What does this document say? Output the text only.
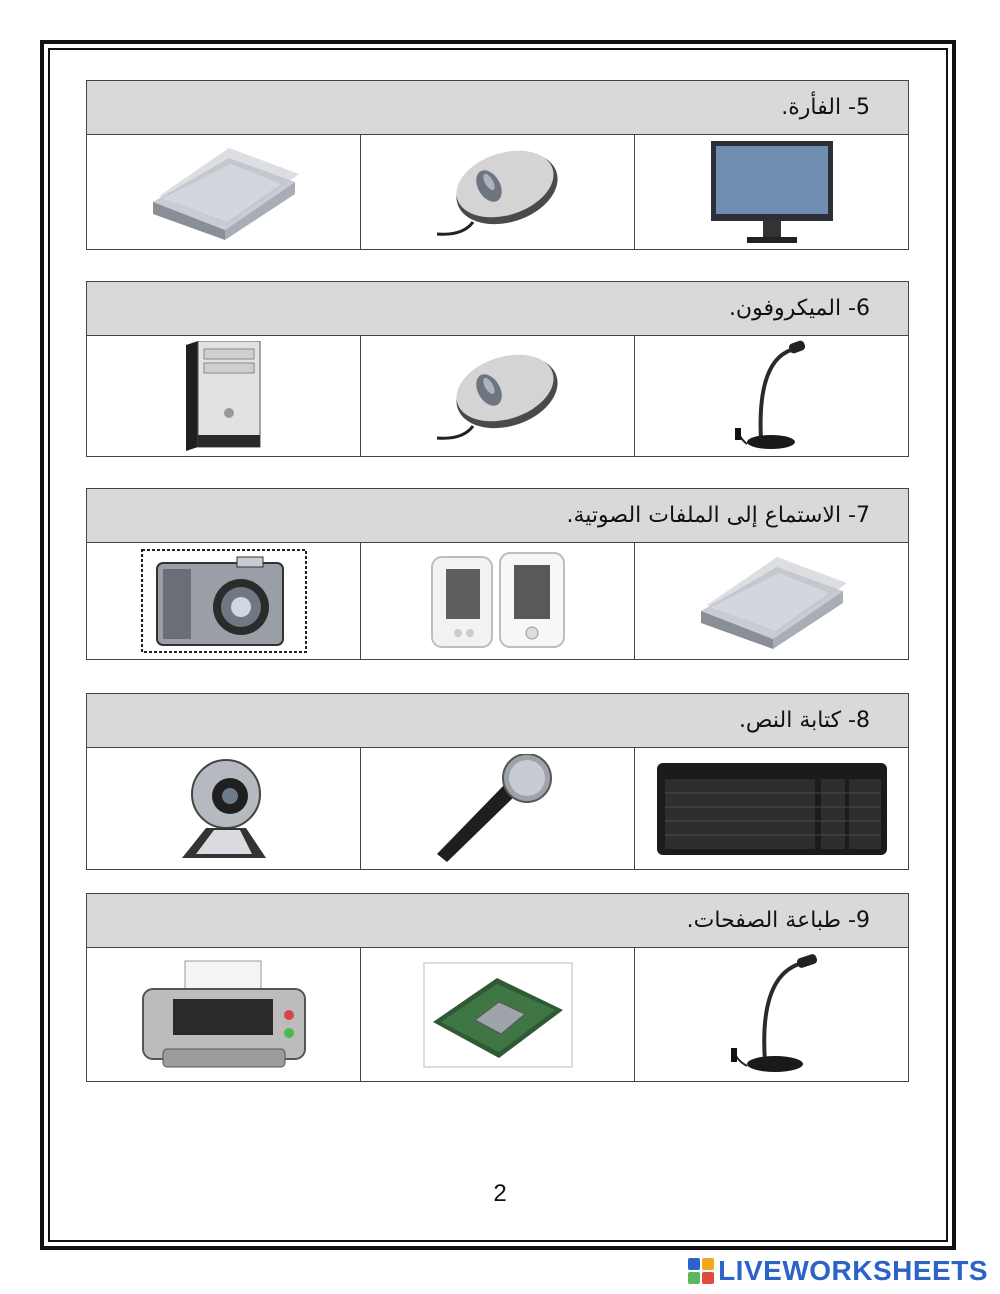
5- الفأرة.
6- الميكروفون.
7- الاستماع إلى الملفات الصوتية.
8- كتابة النص.
9- طباعة الصفحات.
2
LIVEWORKSHEETS
